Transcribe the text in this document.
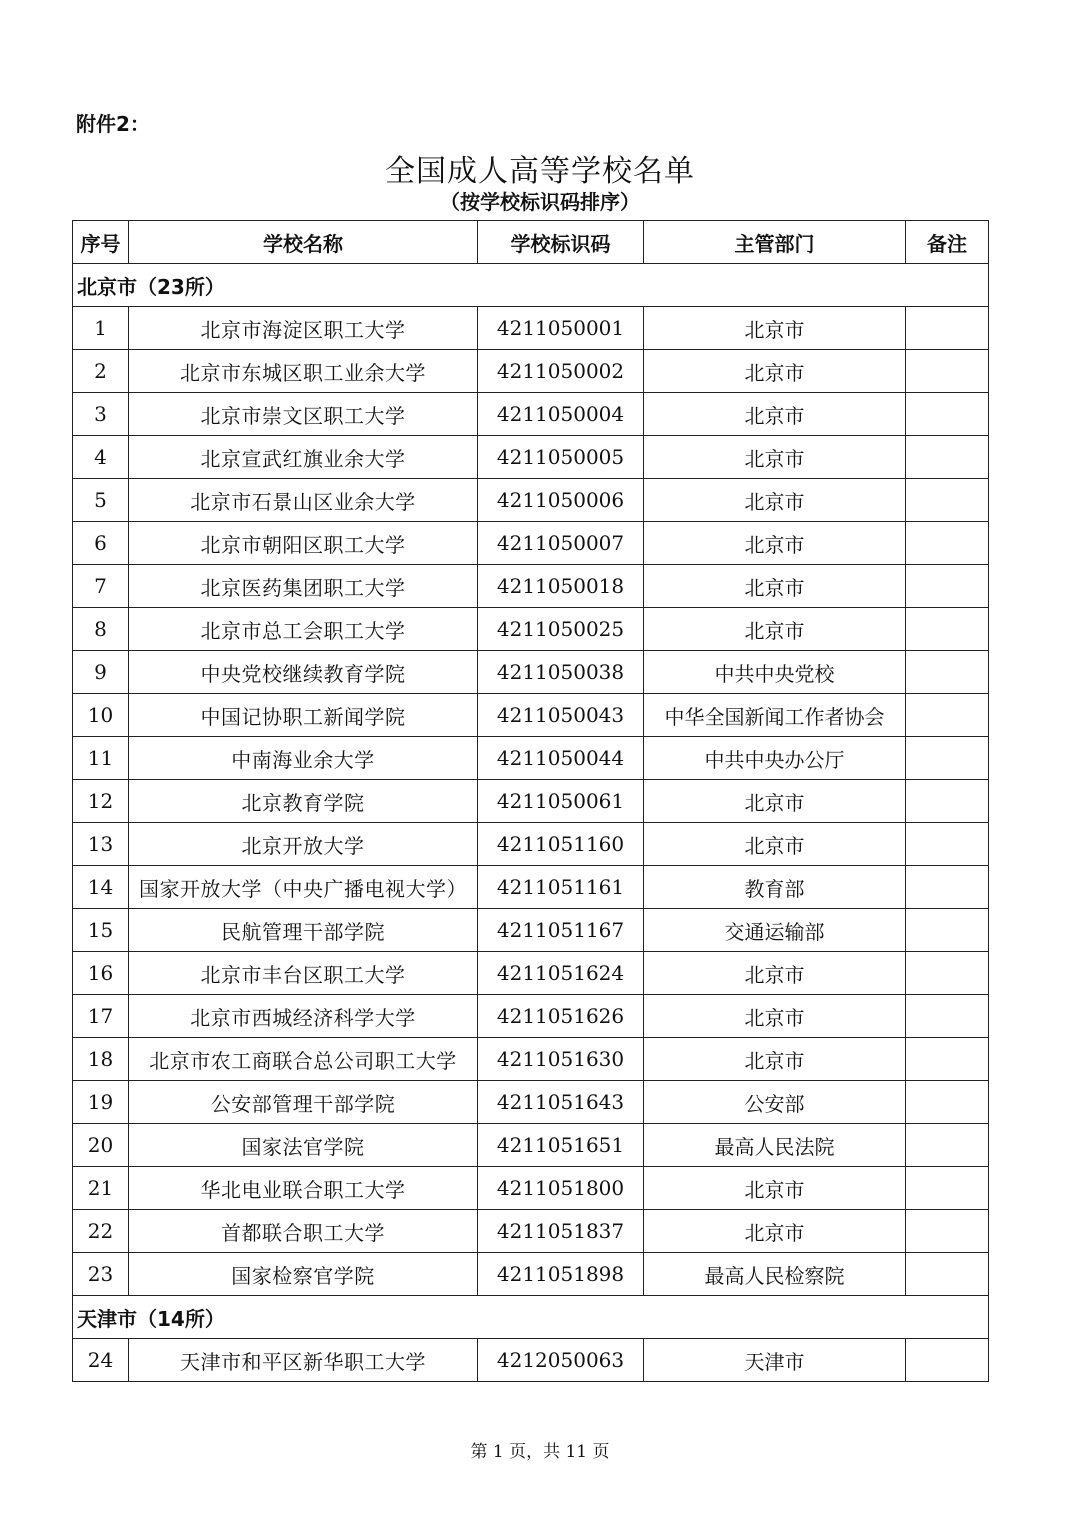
附件2：
全国成人高等学校名单
（按学校标识码排序）
序号	学校名称	学校标识码	主管部门	备注
北京市（23所）				
1	北京市海淀区职工大学	4211050001	北京市	
2	北京市东城区职工业余大学	4211050002	北京市	
3	北京市崇文区职工大学	4211050004	北京市	
4	北京宣武红旗业余大学	4211050005	北京市	
5	北京市石景山区业余大学	4211050006	北京市	
6	北京市朝阳区职工大学	4211050007	北京市	
7	北京医药集团职工大学	4211050018	北京市	
8	北京市总工会职工大学	4211050025	北京市	
9	中央党校继续教育学院	4211050038	中共中央党校	
10	中国记协职工新闻学院	4211050043	中华全国新闻工作者协会	
11	中南海业余大学	4211050044	中共中央办公厅	
12	北京教育学院	4211050061	北京市	
13	北京开放大学	4211051160	北京市	
14	国家开放大学（中央广播电视大学）	4211051161	教育部	
15	民航管理干部学院	4211051167	交通运输部	
16	北京市丰台区职工大学	4211051624	北京市	
17	北京市西城经济科学大学	4211051626	北京市	
18	北京市农工商联合总公司职工大学	4211051630	北京市	
19	公安部管理干部学院	4211051643	公安部	
20	国家法官学院	4211051651	最高人民法院	
21	华北电业联合职工大学	4211051800	北京市	
22	首都联合职工大学	4211051837	北京市	
23	国家检察官学院	4211051898	最高人民检察院	
天津市（14所）				
24	天津市和平区新华职工大学	4212050063	天津市	
第 1 页，共 11 页
